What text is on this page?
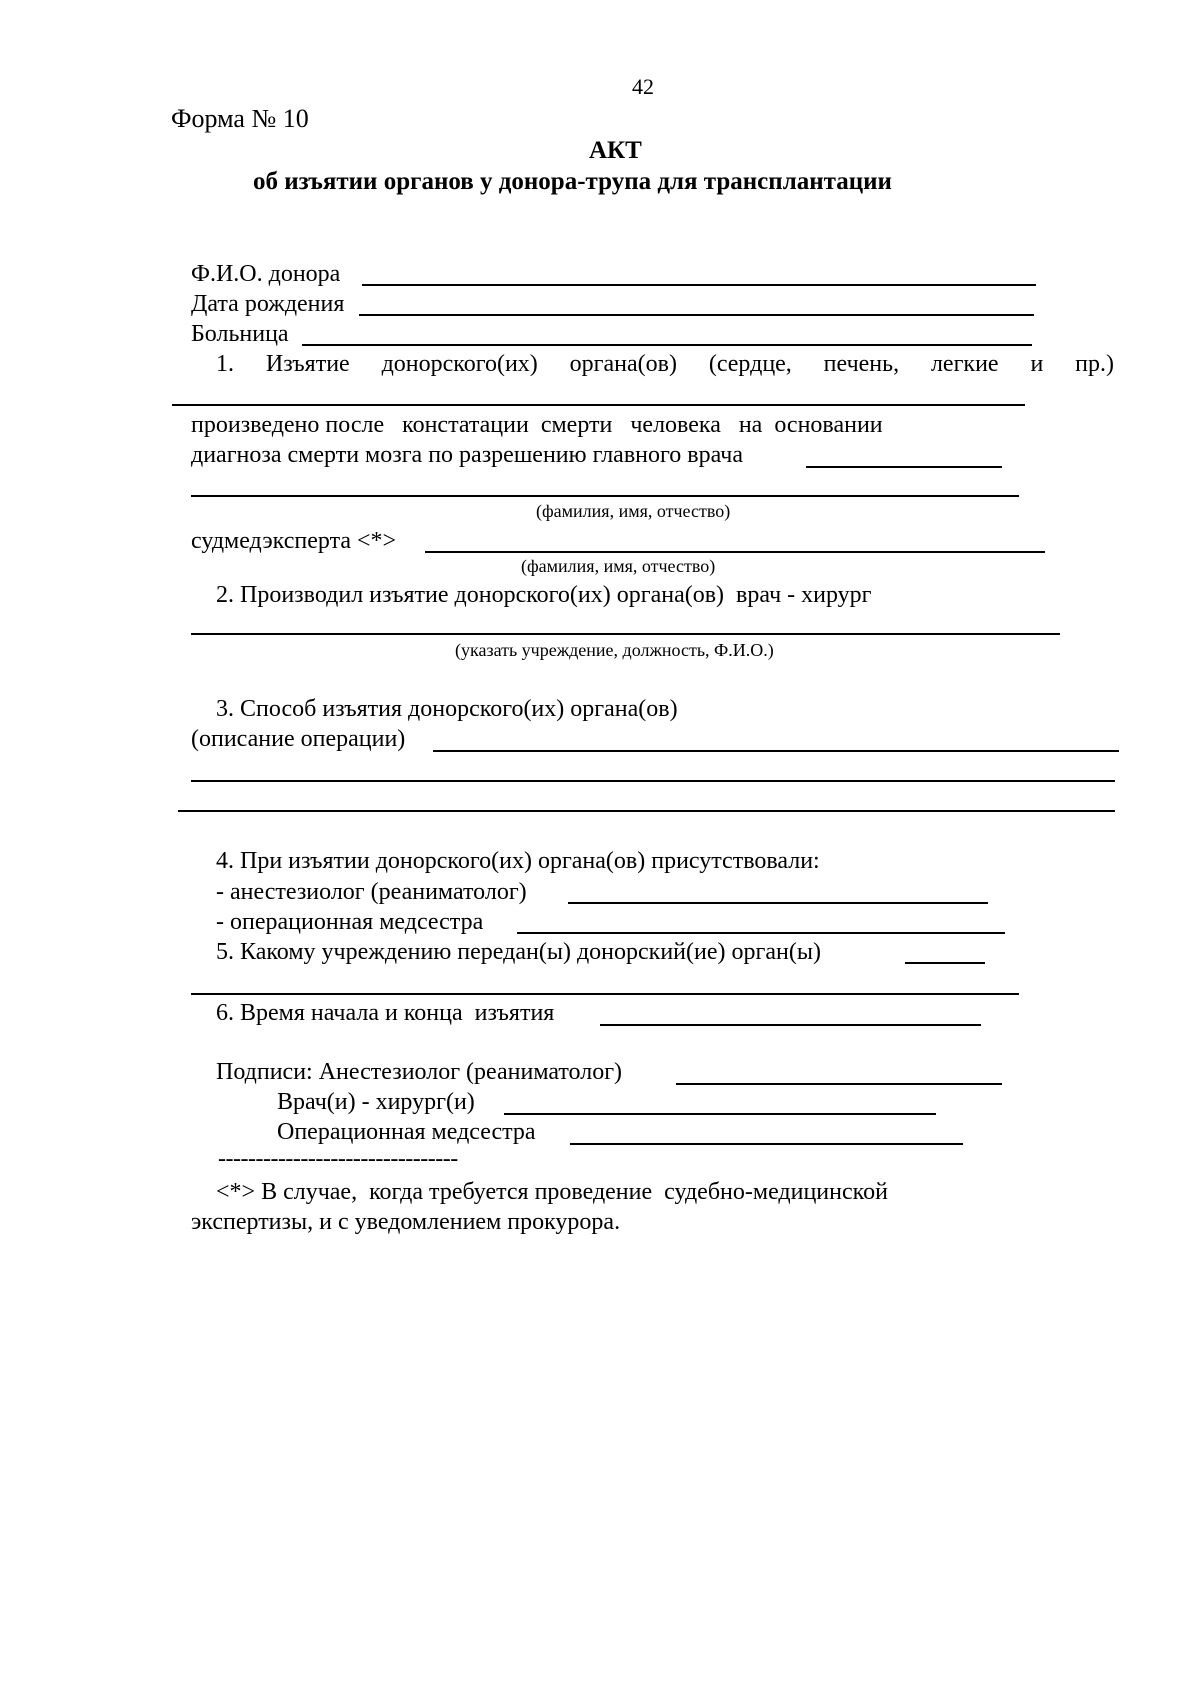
42
Форма № 10
АКТ
об изъятии органов у донора-трупа для трансплантации
Ф.И.О. донора
Дата рождения
Больница
1. Изъятие донорского(их) органа(ов) (сердце, печень, легкие и пр.)
произведено после   констатации  смерти   человека   на  основании
диагноза смерти мозга по разрешению главного врача
(фамилия, имя, отчество)
судмедэксперта <*>
(фамилия, имя, отчество)
2. Производил изъятие донорского(их) органа(ов)  врач - хирург
(указать учреждение, должность, Ф.И.О.)
3. Способ изъятия донорского(их) органа(ов)
(описание операции)
4. При изъятии донорского(их) органа(ов) присутствовали:
- анестезиолог (реаниматолог)
- операционная медсестра
5. Какому учреждению передан(ы) донорский(ие) орган(ы)
6. Время начала и конца  изъятия
Подписи: Анестезиолог (реаниматолог)
Врач(и) - хирург(и)
Операционная медсестра
--------------------------------
<*> В случае,  когда требуется проведение  судебно-медицинской
экспертизы, и с уведомлением прокурора.
